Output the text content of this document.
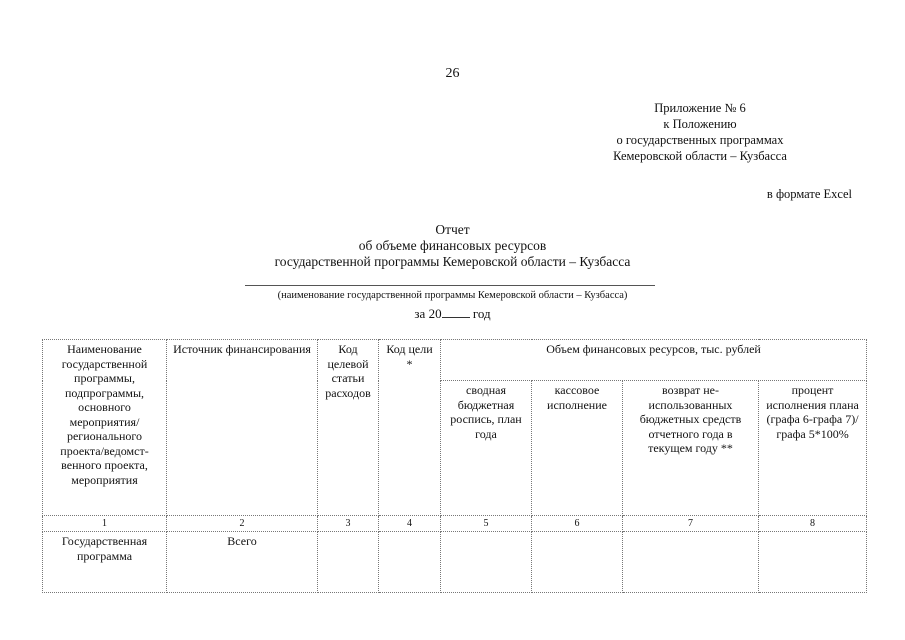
26
Приложение № 6
к Положению
о государственных программах
Кемеровской области – Кузбасса
в формате Excel
Отчет
об объеме финансовых ресурсов
государственной программы Кемеровской области – Кузбасса
(наименование государственной программы Кемеровской области – Кузбасса)
за 20 год
Наименование государственной программы, подпрограммы, основного мероприятия/ регионального проекта/ведомст-венного проекта, мероприятия	Источник финансирования	Код целевой статьи расходов	Код цели *	Объем финансовых ресурсов, тыс. рублей			
				сводная бюджетная роспись, план года	кассовое исполнение	возврат не-использованных бюджетных средств отчетного года в текущем году **	процент исполнения плана (графа 6-графа 7)/ графа 5*100%
1	2	3	4	5	6	7	8
Государственная программа	Всего						
